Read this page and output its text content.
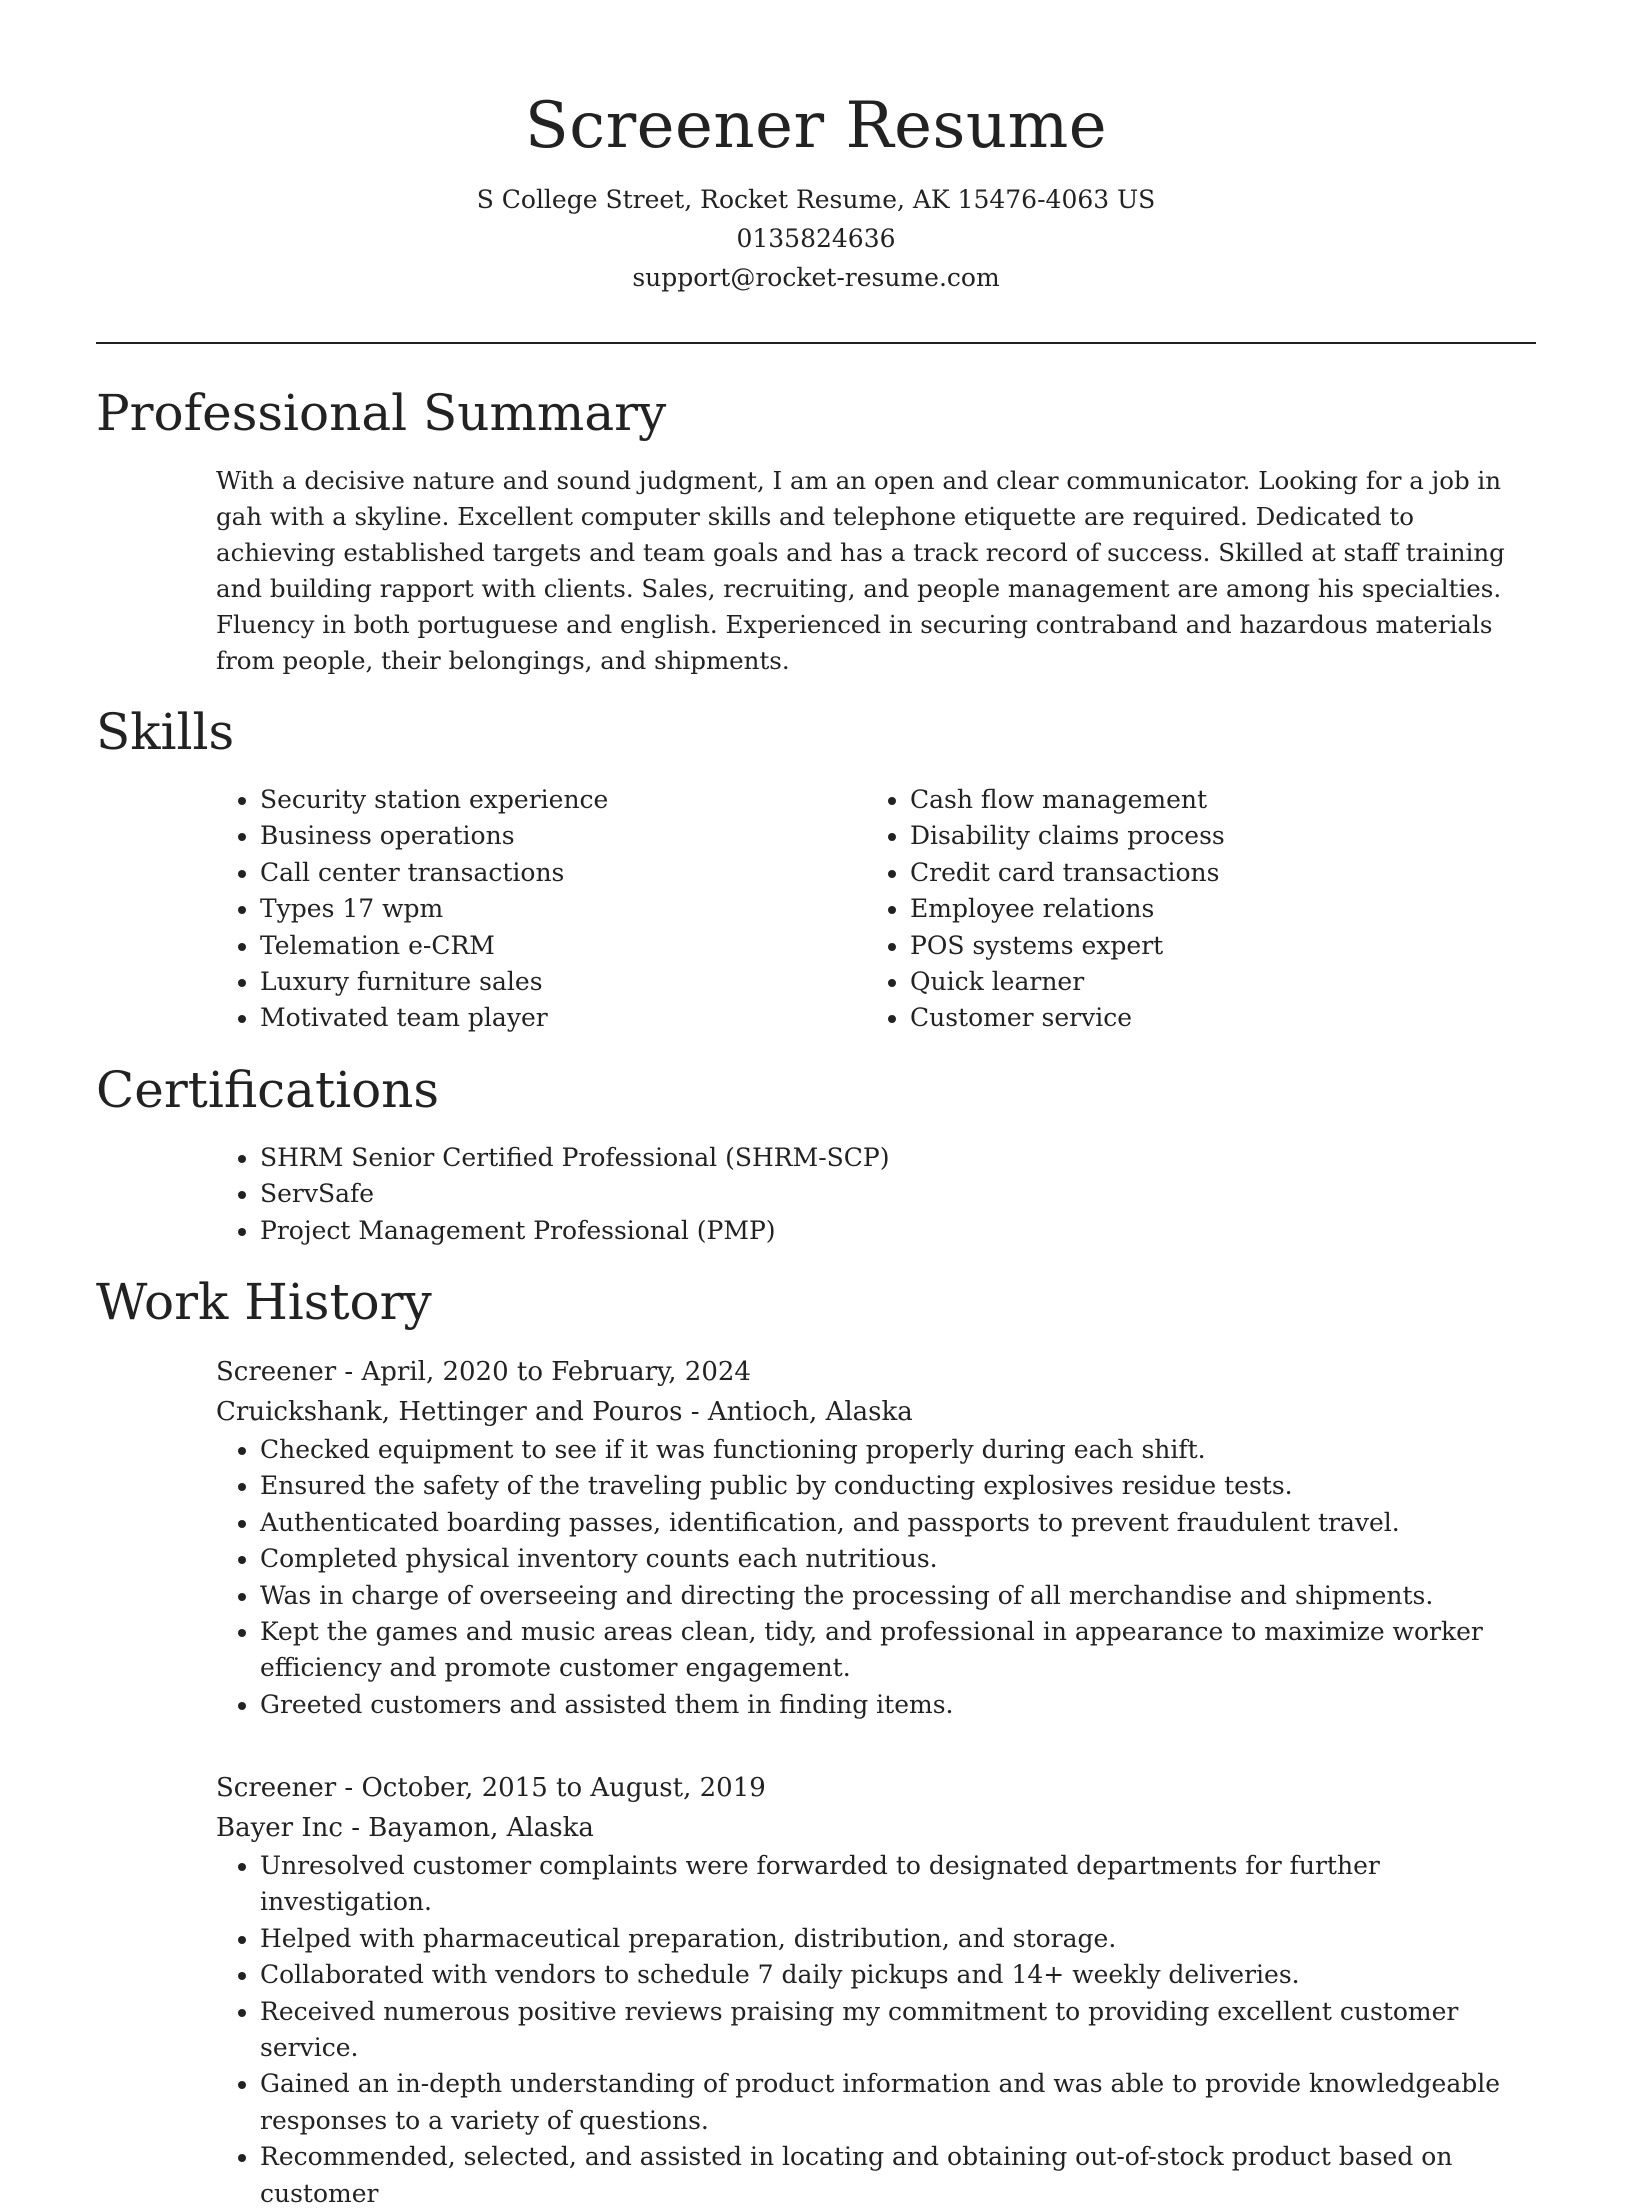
Screener Resume
S College Street, Rocket Resume, AK 15476-4063 US
0135824636
support@rocket-resume.com
Professional Summary

With a decisive nature and sound judgment, I am an open and clear communicator. Looking for a job in gah with a skyline. Excellent computer skills and telephone etiquette are required. Dedicated to achieving established targets and team goals and has a track record of success. Skilled at staff training and building rapport with clients. Sales, recruiting, and people management are among his specialties. Fluency in both portuguese and english. Experienced in securing contraband and hazardous materials from people, their belongings, and shipments.

Skills
• Security station experience
• Business operations
• Call center transactions
• Types 17 wpm
• Telemation e-CRM
• Luxury furniture sales
• Motivated team player
• Cash flow management
• Disability claims process
• Credit card transactions
• Employee relations
• POS systems expert
• Quick learner
• Customer service
Certifications
• SHRM Senior Certified Professional (SHRM-SCP)
• ServSafe
• Project Management Professional (PMP)
Work History

Screener - April, 2020 to February, 2024

Cruickshank, Hettinger and Pouros - Antioch, Alaska

• Checked equipment to see if it was functioning properly during each shift.
• Ensured the safety of the traveling public by conducting explosives residue tests.
• Authenticated boarding passes, identification, and passports to prevent fraudulent travel.
• Completed physical inventory counts each nutritious.
• Was in charge of overseeing and directing the processing of all merchandise and shipments.
• Kept the games and music areas clean, tidy, and professional in appearance to maximize worker efficiency and promote customer engagement.
• Greeted customers and assisted them in finding items.

Screener - October, 2015 to August, 2019

Bayer Inc - Bayamon, Alaska

• Unresolved customer complaints were forwarded to designated departments for further investigation.
• Helped with pharmaceutical preparation, distribution, and storage.
• Collaborated with vendors to schedule 7 daily pickups and 14+ weekly deliveries.
• Received numerous positive reviews praising my commitment to providing excellent customer service.
• Gained an in-depth understanding of product information and was able to provide knowledgeable responses to a variety of questions.
• Recommended, selected, and assisted in locating and obtaining out-of-stock product based on customer
